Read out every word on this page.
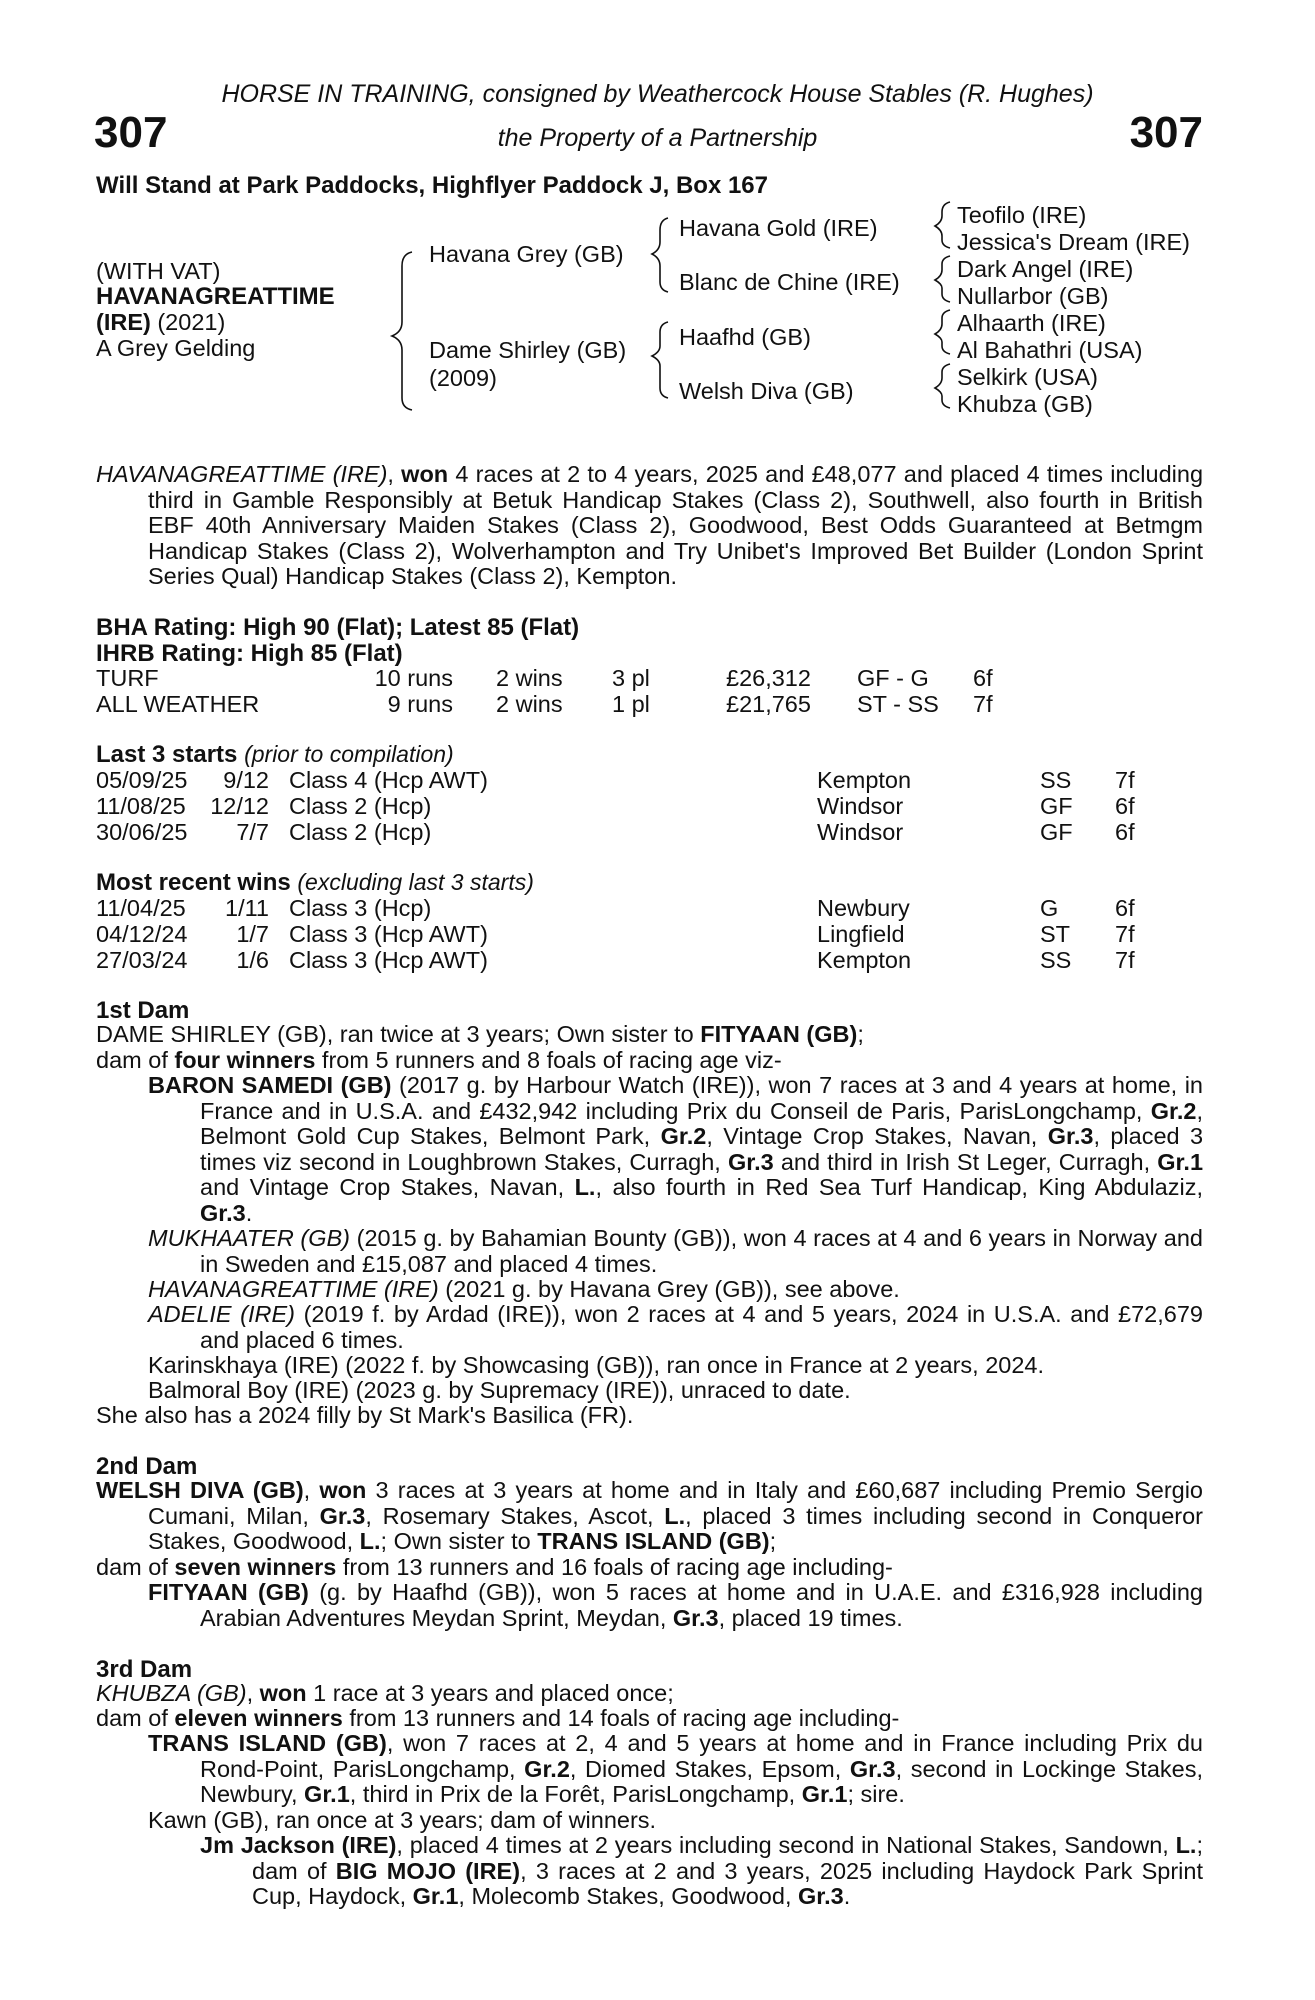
HORSE IN TRAINING, consigned by Weathercock House Stables (R. Hughes)
the Property of a Partnership
307	307
Will Stand at Park Paddocks, Highflyer Paddock J, Box 167
(WITH VAT)
HAVANAGREATTIME
(IRE) (2021)
A Grey Gelding
Havana Grey (GB)
Dame Shirley (GB)
(2009)
Havana Gold (IRE)
Blanc de Chine (IRE)
Haafhd (GB)
Welsh Diva (GB)
Teofilo (IRE)
Jessica's Dream (IRE)
Dark Angel (IRE)
Nullarbor (GB)
Alhaarth (IRE)
Al Bahathri (USA)
Selkirk (USA)
Khubza (GB)
HAVANAGREATTIME (IRE), won 4 races at 2 to 4 years, 2025 and £48,077 and placed 4 times including third in Gamble Responsibly at Betuk Handicap Stakes (Class 2), Southwell, also fourth in British EBF 40th Anniversary Maiden Stakes (Class 2), Goodwood, Best Odds Guaranteed at Betmgm Handicap Stakes (Class 2), Wolverhampton and Try Unibet's Improved Bet Builder (London Sprint Series Qual) Handicap Stakes (Class 2), Kempton.
BHA Rating: High 90 (Flat); Latest 85 (Flat)
IHRB Rating: High 85 (Flat)
TURF	10 runs 2 wins 3 pl	£26,312 GF - G 6f
ALL WEATHER	9 runs 2 wins 1 pl	£21,765 ST - SS 7f
Last 3 starts (prior to compilation)
05/09/25 9/12 Class 4 (Hcp AWT)	Kempton	SS 7f
11/08/25 12/12 Class 2 (Hcp)	Windsor	GF 6f
30/06/25 7/7 Class 2 (Hcp)	Windsor	GF 6f
Most recent wins (excluding last 3 starts)
11/04/25 1/11 Class 3 (Hcp)	Newbury	G 6f
04/12/24 1/7 Class 3 (Hcp AWT)	Lingfield	ST 7f
27/03/24 1/6 Class 3 (Hcp AWT)	Kempton	SS 7f
1st Dam
DAME SHIRLEY (GB), ran twice at 3 years; Own sister to FITYAAN (GB);
dam of four winners from 5 runners and 8 foals of racing age viz-
BARON SAMEDI (GB) (2017 g. by Harbour Watch (IRE)), won 7 races at 3 and 4 years at home, in France and in U.S.A. and £432,942 including Prix du Conseil de Paris, ParisLongchamp, Gr.2, Belmont Gold Cup Stakes, Belmont Park, Gr.2, Vintage Crop Stakes, Navan, Gr.3, placed 3 times viz second in Loughbrown Stakes, Curragh, Gr.3 and third in Irish St Leger, Curragh, Gr.1 and Vintage Crop Stakes, Navan, L., also fourth in Red Sea Turf Handicap, King Abdulaziz, Gr.3.
MUKHAATER (GB) (2015 g. by Bahamian Bounty (GB)), won 4 races at 4 and 6 years in Norway and in Sweden and £15,087 and placed 4 times.
HAVANAGREATTIME (IRE) (2021 g. by Havana Grey (GB)), see above.
ADELIE (IRE) (2019 f. by Ardad (IRE)), won 2 races at 4 and 5 years, 2024 in U.S.A. and £72,679 and placed 6 times.
Karinskhaya (IRE) (2022 f. by Showcasing (GB)), ran once in France at 2 years, 2024.
Balmoral Boy (IRE) (2023 g. by Supremacy (IRE)), unraced to date.
She also has a 2024 filly by St Mark's Basilica (FR).
2nd Dam
WELSH DIVA (GB), won 3 races at 3 years at home and in Italy and £60,687 including Premio Sergio Cumani, Milan, Gr.3, Rosemary Stakes, Ascot, L., placed 3 times including second in Conqueror Stakes, Goodwood, L.; Own sister to TRANS ISLAND (GB);
dam of seven winners from 13 runners and 16 foals of racing age including-
FITYAAN (GB) (g. by Haafhd (GB)), won 5 races at home and in U.A.E. and £316,928 including Arabian Adventures Meydan Sprint, Meydan, Gr.3, placed 19 times.
3rd Dam
KHUBZA (GB), won 1 race at 3 years and placed once;
dam of eleven winners from 13 runners and 14 foals of racing age including-
TRANS ISLAND (GB), won 7 races at 2, 4 and 5 years at home and in France including Prix du Rond-Point, ParisLongchamp, Gr.2, Diomed Stakes, Epsom, Gr.3, second in Lockinge Stakes, Newbury, Gr.1, third in Prix de la Forêt, ParisLongchamp, Gr.1; sire.
Kawn (GB), ran once at 3 years; dam of winners.
Jm Jackson (IRE), placed 4 times at 2 years including second in National Stakes, Sandown, L.; dam of BIG MOJO (IRE), 3 races at 2 and 3 years, 2025 including Haydock Park Sprint Cup, Haydock, Gr.1, Molecomb Stakes, Goodwood, Gr.3.
